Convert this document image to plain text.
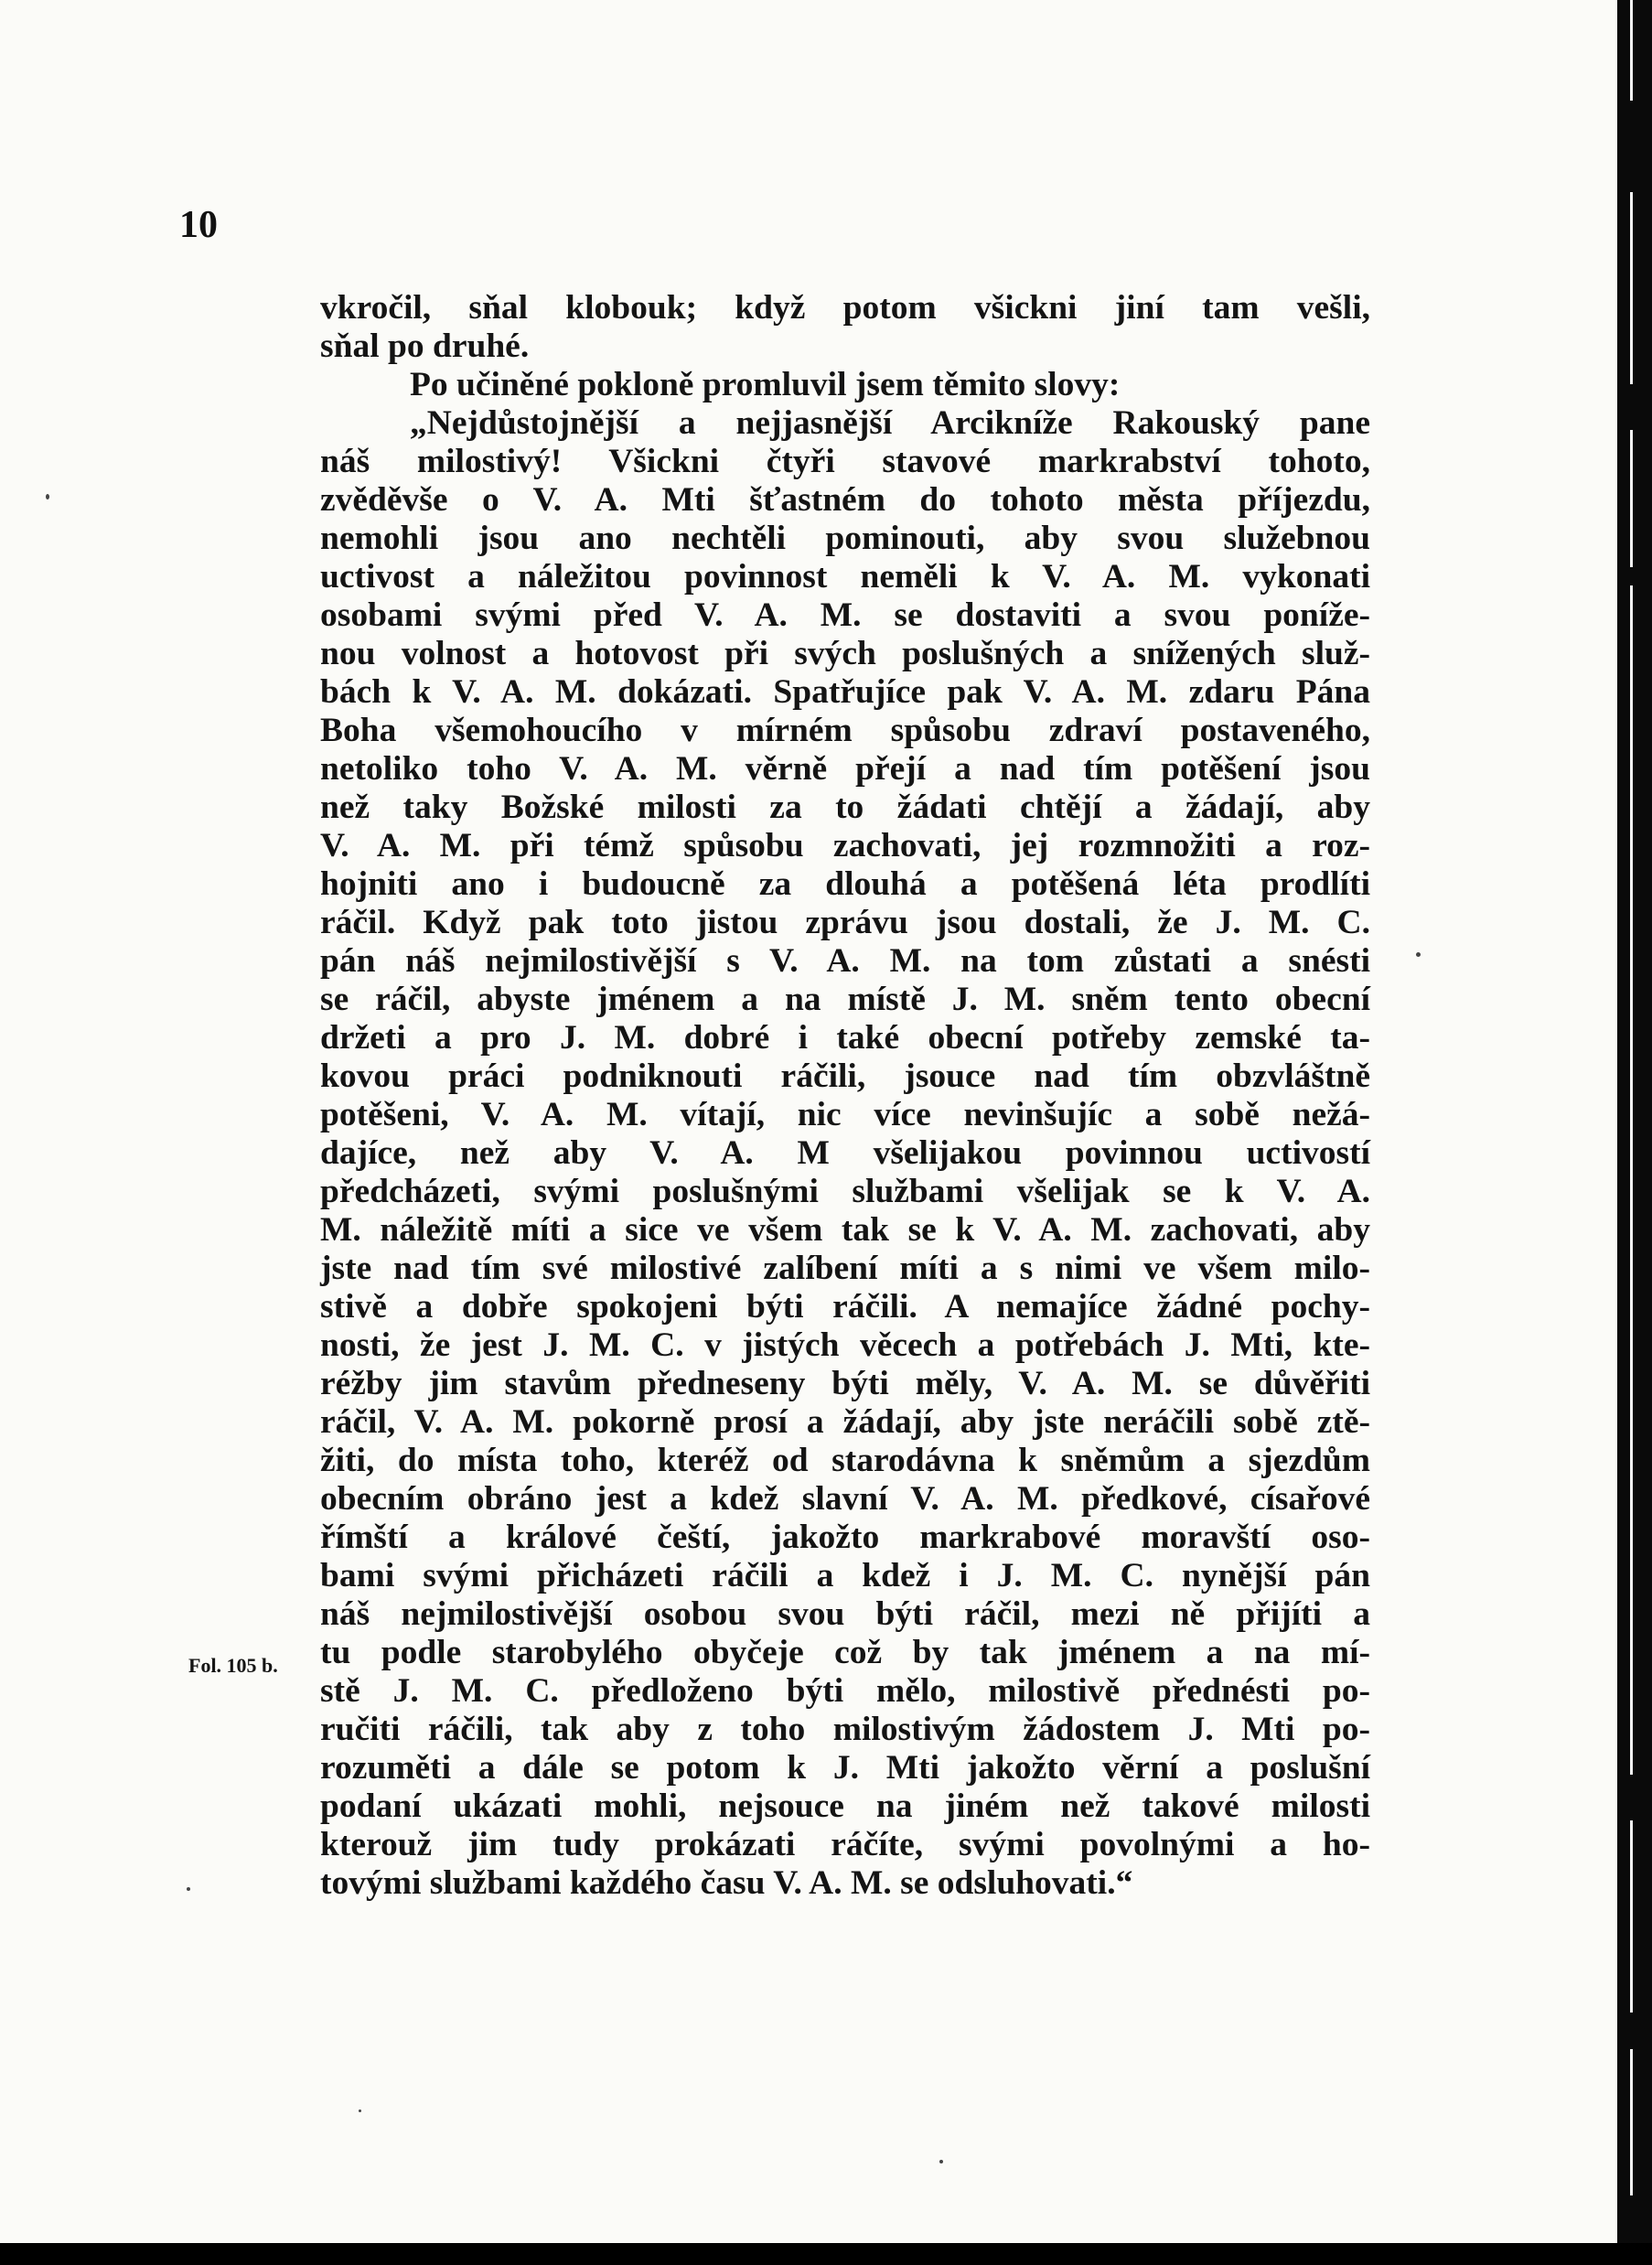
10
Fol. 105 b.
vkročil, sňal klobouk; když potom všickni jiní tam vešli,
sňal po druhé.
Po učiněné pokloně promluvil jsem těmito slovy:
„Nejdůstojnější a nejjasnější Arcikníže Rakouský pane
náš milostivý! Všickni čtyři stavové markrabství tohoto,
zvěděvše o V. A. Mti šťastném do tohoto města příjezdu,
nemohli jsou ano nechtěli pominouti, aby svou služebnou
uctivost a náležitou povinnost neměli k V. A. M. vykonati
osobami svými před V. A. M. se dostaviti a svou poníže-
nou volnost a hotovost při svých poslušných a snížených služ-
bách k V. A. M. dokázati. Spatřujíce pak V. A. M. zdaru Pána
Boha všemohoucího v mírném spůsobu zdraví postaveného,
netoliko toho V. A. M. věrně přejí a nad tím potěšení jsou
než taky Božské milosti za to žádati chtějí a žádají, aby
V. A. M. při témž spůsobu zachovati, jej rozmnožiti a roz-
hojniti ano i budoucně za dlouhá a potěšená léta prodlíti
ráčil. Když pak toto jistou zprávu jsou dostali, že J. M. C.
pán náš nejmilostivější s V. A. M. na tom zůstati a snésti
se ráčil, abyste jménem a na místě J. M. sněm tento obecní
držeti a pro J. M. dobré i také obecní potřeby zemské ta-
kovou práci podniknouti ráčili, jsouce nad tím obzvláštně
potěšeni, V. A. M. vítají, nic více nevinšujíc a sobě nežá-
dajíce, než aby V. A. M všelijakou povinnou uctivostí
předcházeti, svými poslušnými službami všelijak se k V. A.
M. náležitě míti a sice ve všem tak se k V. A. M. zachovati, aby
jste nad tím své milostivé zalíbení míti a s nimi ve všem milo-
stivě a dobře spokojeni býti ráčili. A nemajíce žádné pochy-
nosti, že jest J. M. C. v jistých věcech a potřebách J. Mti, kte-
réžby jim stavům předneseny býti měly, V. A. M. se důvěřiti
ráčil, V. A. M. pokorně prosí a žádají, aby jste neráčili sobě ztě-
žiti, do místa toho, kteréž od starodávna k sněmům a sjezdům
obecním obráno jest a kdež slavní V. A. M. předkové, císařové
římští a králové čeští, jakožto markrabové moravští oso-
bami svými přicházeti ráčili a kdež i J. M. C. nynější pán
náš nejmilostivější osobou svou býti ráčil, mezi ně přijíti a
tu podle starobylého obyčeje což by tak jménem a na mí-
stě J. M. C. předloženo býti mělo, milostivě přednésti po-
ručiti ráčili, tak aby z toho milostivým žádostem J. Mti po-
rozuměti a dále se potom k J. Mti jakožto věrní a poslušní
podaní ukázati mohli, nejsouce na jiném než takové milosti
kterouž jim tudy prokázati ráčíte, svými povolnými a ho-
tovými službami každého času V. A. M. se odsluhovati.“
